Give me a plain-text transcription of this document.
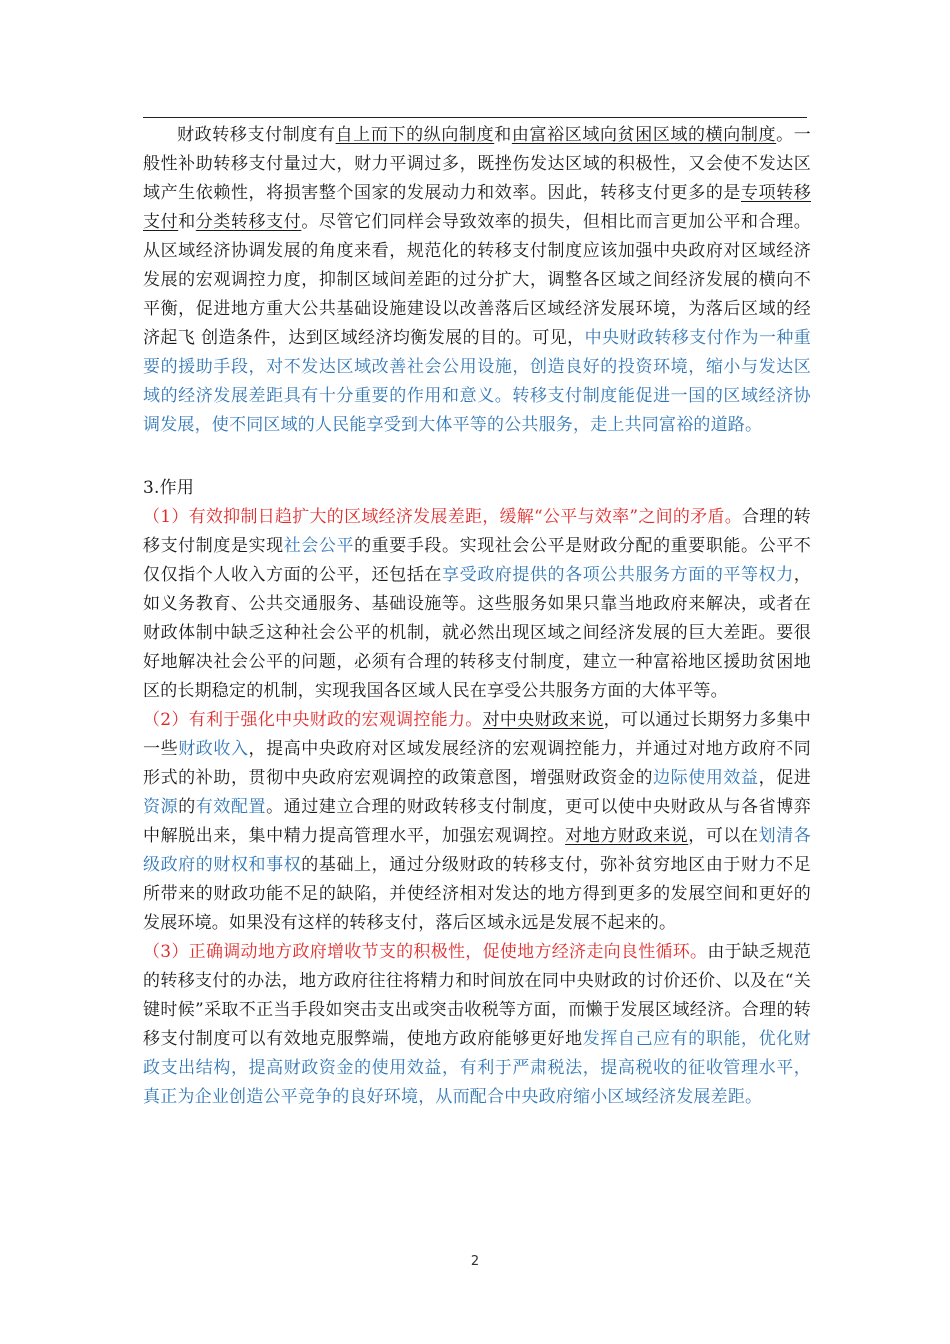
财政转移支付制度有自上而下的纵向制度和由富裕区域向贫困区域的横向制度。一般性补助转移支付量过大，财力平调过多，既挫伤发达区域的积极性，又会使不发达区域产生依赖性，将损害整个国家的发展动力和效率。因此，转移支付更多的是专项转移支付和分类转移支付。尽管它们同样会导致效率的损失，但相比而言更加公平和合理。从区域经济协调发展的角度来看，规范化的转移支付制度应该加强中央政府对区域经济发展的宏观调控力度，抑制区域间差距的过分扩大，调整各区域之间经济发展的横向不平衡，促进地方重大公共基础设施建设以改善落后区域经济发展环境，为落后区域的经济起飞 创造条件，达到区域经济均衡发展的目的。可见，中央财政转移支付作为一种重要的援助手段，对不发达区域改善社会公用设施，创造良好的投资环境，缩小与发达区域的经济发展差距具有十分重要的作用和意义。转移支付制度能促进一国的区域经济协调发展，使不同区域的人民能享受到大体平等的公共服务，走上共同富裕的道路。

3.作用

（1）有效抑制日趋扩大的区域经济发展差距，缓解“公平与效率”之间的矛盾。合理的转移支付制度是实现社会公平的重要手段。实现社会公平是财政分配的重要职能。公平不仅仅指个人收入方面的公平，还包括在享受政府提供的各项公共服务方面的平等权力，如义务教育、公共交通服务、基础设施等。这些服务如果只靠当地政府来解决，或者在财政体制中缺乏这种社会公平的机制，就必然出现区域之间经济发展的巨大差距。要很好地解决社会公平的问题，必须有合理的转移支付制度，建立一种富裕地区援助贫困地区的长期稳定的机制，实现我国各区域人民在享受公共服务方面的大体平等。

（2）有利于强化中央财政的宏观调控能力。对中央财政来说，可以通过长期努力多集中一些财政收入，提高中央政府对区域发展经济的宏观调控能力，并通过对地方政府不同形式的补助，贯彻中央政府宏观调控的政策意图，增强财政资金的边际使用效益，促进资源的有效配置。通过建立合理的财政转移支付制度，更可以使中央财政从与各省博弈中解脱出来，集中精力提高管理水平，加强宏观调控。对地方财政来说，可以在划清各级政府的财权和事权的基础上，通过分级财政的转移支付，弥补贫穷地区由于财力不足所带来的财政功能不足的缺陷，并使经济相对发达的地方得到更多的发展空间和更好的发展环境。如果没有这样的转移支付，落后区域永远是发展不起来的。

（3）正确调动地方政府增收节支的积极性，促使地方经济走向良性循环。由于缺乏规范的转移支付的办法，地方政府往往将精力和时间放在同中央财政的讨价还价、以及在“关键时候”采取不正当手段如突击支出或突击收税等方面，而懒于发展区域经济。合理的转移支付制度可以有效地克服弊端，使地方政府能够更好地发挥自己应有的职能，优化财政支出结构，提高财政资金的使用效益，有利于严肃税法，提高税收的征收管理水平，真正为企业创造公平竞争的良好环境，从而配合中央政府缩小区域经济发展差距。

2
